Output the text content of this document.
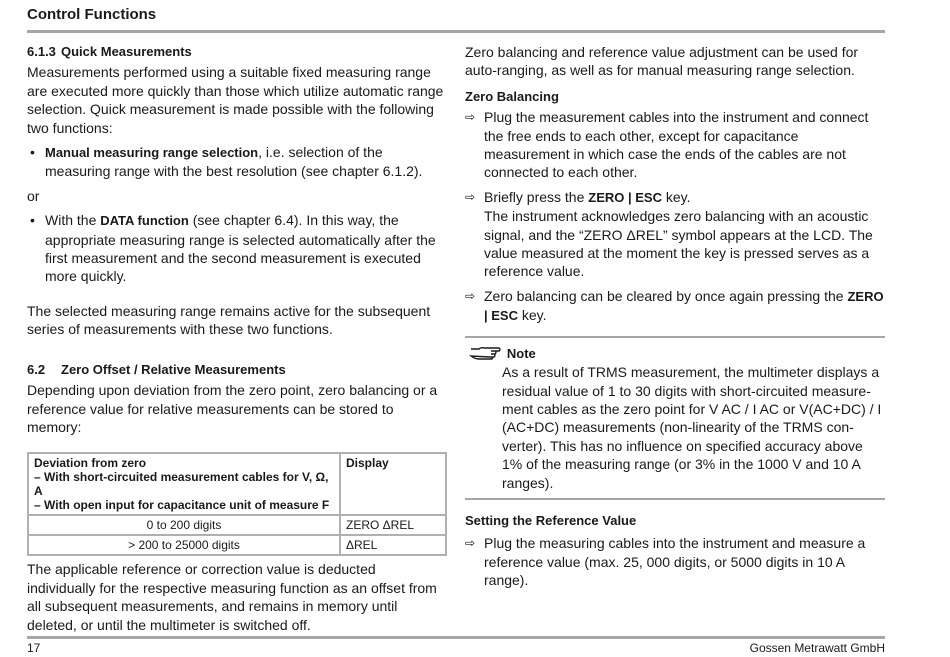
Control Functions
6.1.3 Quick Measurements

Measurements performed using a suitable fixed measuring range are executed more quickly than those which utilize automatic range selection. Quick measurement is made possible with the following two functions:

• Manual measuring range selection, i.e. selection of the measuring range with the best resolution (see chapter 6.1.2).

or

• With the DATA function (see chapter 6.4). In this way, the appropriate measuring range is selected automatically after the first measurement and the second measurement is executed more quickly.

The selected measuring range remains active for the subsequent series of measurements with these two functions.

6.2 Zero Offset / Relative Measurements

Depending upon deviation from the zero point, zero balancing or a reference value for relative measurements can be stored to memory:

Deviation from zero
– With short-circuited measurement cables for V, Ω, A
– With open input for capacitance unit of measure F	Display
0 to 200 digits	ZERO ΔREL
> 200 to 25000 digits	ΔREL

The applicable reference or correction value is deducted individually for the respective measuring function as an offset from all subsequent measurements, and remains in memory until deleted, or until the multimeter is switched off.

Zero balancing and reference value adjustment can be used for auto-ranging, as well as for manual measuring range selection.

Zero Balancing
⇨ Plug the measurement cables into the instrument and connect the free ends to each other, except for capacitance measurement in which case the ends of the cables are not connected to each other.
⇨ Briefly press the ZERO | ESC key.
The instrument acknowledges zero balancing with an acoustic signal, and the “ZERO ΔREL” symbol appears at the LCD. The value measured at the moment the key is pressed serves as a reference value.
⇨ Zero balancing can be cleared by once again pressing the ZERO | ESC key.
Note
As a result of TRMS measurement, the multimeter displays a residual value of 1 to 30 digits with short-circuited measurement cables as the zero point for V AC / I AC or V(AC+DC) / I (AC+DC) measurements (non-linearity of the TRMS converter). This has no influence on specified accuracy above 1% of the measuring range (or 3% in the 1000 V and 10 A ranges).
Setting the Reference Value
⇨ Plug the measuring cables into the instrument and measure a reference value (max. 25, 000 digits, or 5000 digits in 10 A range).
17	Gossen Metrawatt GmbH
